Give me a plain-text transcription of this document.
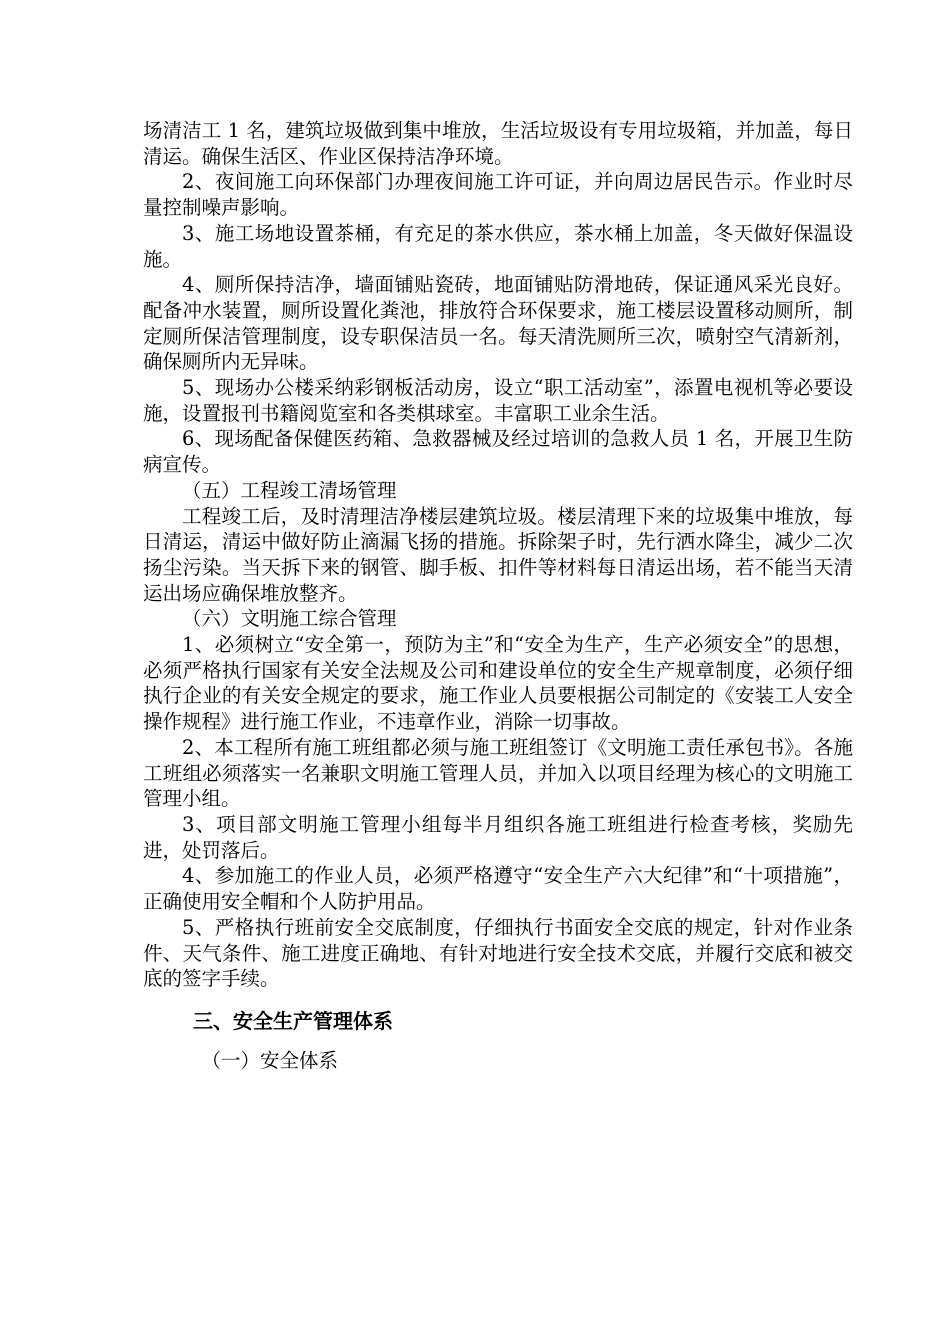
场清洁工 1 名，建筑垃圾做到集中堆放，生活垃圾设有专用垃圾箱，并加盖，每日清运。确保生活区、作业区保持洁净环境。

2、夜间施工向环保部门办理夜间施工许可证，并向周边居民告示。作业时尽量控制噪声影响。

3、施工场地设置茶桶，有充足的茶水供应，茶水桶上加盖，冬天做好保温设施。

4、厕所保持洁净，墙面铺贴瓷砖，地面铺贴防滑地砖，保证通风采光良好。配备冲水装置，厕所设置化粪池，排放符合环保要求，施工楼层设置移动厕所，制定厕所保洁管理制度，设专职保洁员一名。每天清洗厕所三次，喷射空气清新剂，确保厕所内无异味。

5、现场办公楼采纳彩钢板活动房，设立“职工活动室”，添置电视机等必要设施，设置报刊书籍阅览室和各类棋球室。丰富职工业余生活。

6、现场配备保健医药箱、急救器械及经过培训的急救人员 1 名，开展卫生防病宣传。

（五）工程竣工清场管理

工程竣工后，及时清理洁净楼层建筑垃圾。楼层清理下来的垃圾集中堆放，每日清运，清运中做好防止滴漏飞扬的措施。拆除架子时，先行洒水降尘，减少二次扬尘污染。当天拆下来的钢管、脚手板、扣件等材料每日清运出场，若不能当天清运出场应确保堆放整齐。

（六）文明施工综合管理

1、必须树立“安全第一，预防为主”和“安全为生产，生产必须安全”的思想，必须严格执行国家有关安全法规及公司和建设单位的安全生产规章制度，必须仔细执行企业的有关安全规定的要求，施工作业人员要根据公司制定的《安装工人安全操作规程》进行施工作业，不违章作业，消除一切事故。

2、本工程所有施工班组都必须与施工班组签订《文明施工责任承包书》。各施工班组必须落实一名兼职文明施工管理人员，并加入以项目经理为核心的文明施工管理小组。

3、项目部文明施工管理小组每半月组织各施工班组进行检查考核，奖励先进，处罚落后。

4、参加施工的作业人员，必须严格遵守“安全生产六大纪律”和“十项措施”，正确使用安全帽和个人防护用品。

5、严格执行班前安全交底制度，仔细执行书面安全交底的规定，针对作业条件、天气条件、施工进度正确地、有针对地进行安全技术交底，并履行交底和被交底的签字手续。

三、安全生产管理体系

（一）安全体系
